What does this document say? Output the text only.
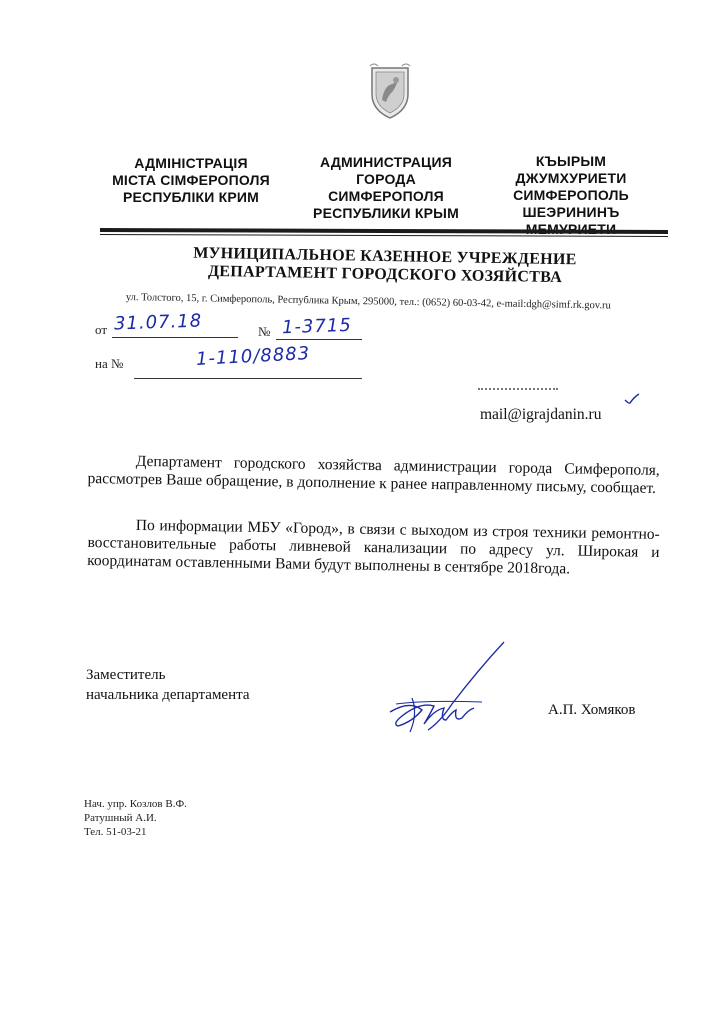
АДМІНІСТРАЦІЯ
МІСТА СІМФЕРОПОЛЯ
РЕСПУБЛІКИ КРИМ
АДМИНИСТРАЦИЯ
ГОРОДА
СИМФЕРОПОЛЯ
РЕСПУБЛИКИ КРЫМ
КЪЫРЫМ
ДЖУМХУРИЕТИ
СИМФЕРОПОЛЬ
ШЕЭРИНИНЪ
МУНИЦИПАЛЬНОЕ КАЗЕННОЕ УЧРЕЖДЕНИЕ
ДЕПАРТАМЕНТ ГОРОДСКОГО ХОЗЯЙСТВА
ул. Толстого, 15, г. Симферополь, Республика Крым, 295000, тел.: (0652) 60-03-42, e-mail:dgh@simf.rk.gov.ru
от 31.07.18	№ 1-3715
на №	1-110/8883
mail@igrajdanin.ru

Департамент городского хозяйства администрации города Симферополя, рассмотрев Ваше обращение, в дополнение к ранее направленному письму, сообщает.

По информации МБУ «Город», в связи с выходом из строя техники ремонтно-восстановительные работы ливневой канализации по адресу ул. Широкая и координатам оставленными Вами будут выполнены в сентябре 2018года.

Заместитель
начальника департамента
А.П. Хомяков
Нач. упр. Козлов В.Ф.
Ратушный А.И.
Тел. 51-03-21
